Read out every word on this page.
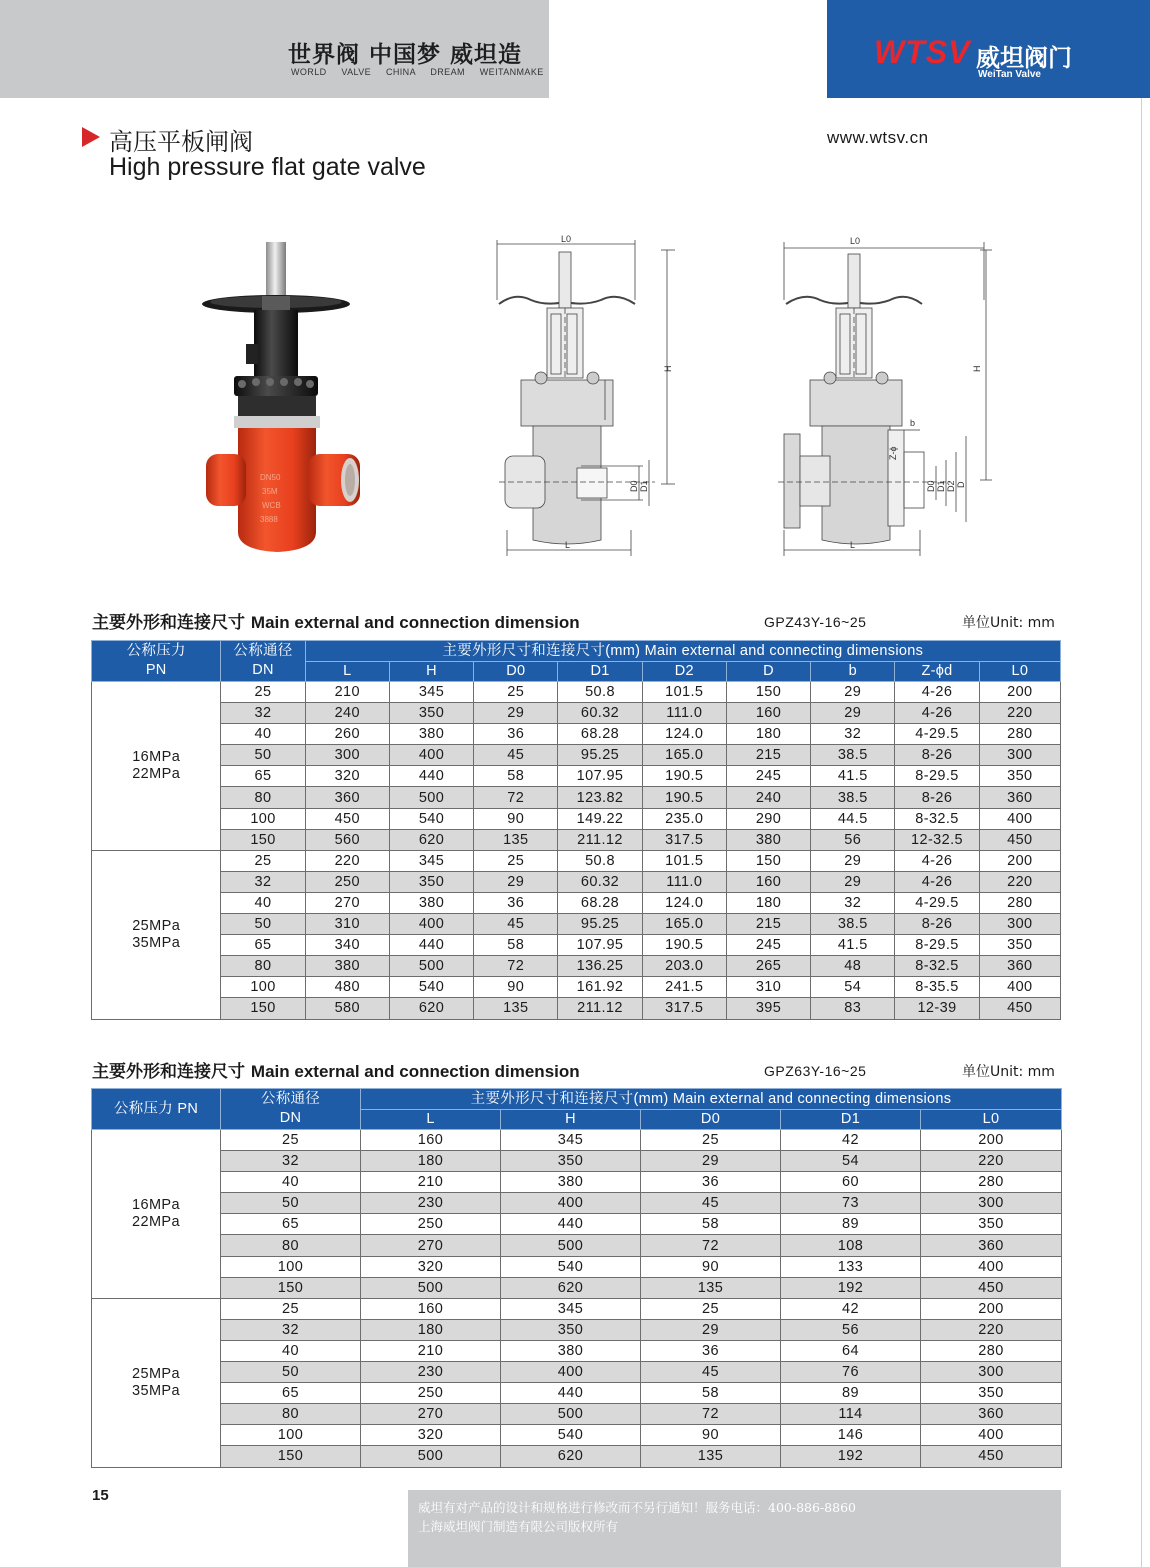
世界阀 中国梦 威坦造
WORLD VALVE CHINA DREAM WEITANMAKE
WTSV 威坦阀门
WeiTan Valve
高压平板闸阀
High pressure flat gate valve
www.wtsv.cn
DN50
35M
WCB
3888
L0
H
L
D0 D1
L0
H
L
b
Z-ϕ
D0 D1 D2 D
主要外形和连接尺寸 Main external and connection dimension	GPZ43Y-16~25	单位Unit: mm
公称压力
PN	公称通径
DN	主要外形尺寸和连接尺寸(mm) Main external and connecting dimensions								
		L	H	D0	D1	D2	D	b	Z-ϕd	L0
16MPa
22MPa	25	210	345	25	50.8	101.5	150	29	4-26	200
	32	240	350	29	60.32	111.0	160	29	4-26	220
	40	260	380	36	68.28	124.0	180	32	4-29.5	280
	50	300	400	45	95.25	165.0	215	38.5	8-26	300
	65	320	440	58	107.95	190.5	245	41.5	8-29.5	350
	80	360	500	72	123.82	190.5	240	38.5	8-26	360
	100	450	540	90	149.22	235.0	290	44.5	8-32.5	400
	150	560	620	135	211.12	317.5	380	56	12-32.5	450
25MPa
35MPa	25	220	345	25	50.8	101.5	150	29	4-26	200
	32	250	350	29	60.32	111.0	160	29	4-26	220
	40	270	380	36	68.28	124.0	180	32	4-29.5	280
	50	310	400	45	95.25	165.0	215	38.5	8-26	300
	65	340	440	58	107.95	190.5	245	41.5	8-29.5	350
	80	380	500	72	136.25	203.0	265	48	8-32.5	360
	100	480	540	90	161.92	241.5	310	54	8-35.5	400
	150	580	620	135	211.12	317.5	395	83	12-39	450
主要外形和连接尺寸 Main external and connection dimension	GPZ63Y-16~25	单位Unit: mm
公称压力 PN	公称通径
DN	主要外形尺寸和连接尺寸(mm) Main external and connecting dimensions				
		L	H	D0	D1	L0
16MPa
22MPa	25	160	345	25	42	200
	32	180	350	29	54	220
	40	210	380	36	60	280
	50	230	400	45	73	300
	65	250	440	58	89	350
	80	270	500	72	108	360
	100	320	540	90	133	400
	150	500	620	135	192	450
25MPa
35MPa	25	160	345	25	42	200
	32	180	350	29	56	220
	40	210	380	36	64	280
	50	230	400	45	76	300
	65	250	440	58	89	350
	80	270	500	72	114	360
	100	320	540	90	146	400
	150	500	620	135	192	450
15
威坦有对产品的设计和规格进行修改而不另行通知！服务电话：400-886-8860
上海威坦阀门制造有限公司版权所有
